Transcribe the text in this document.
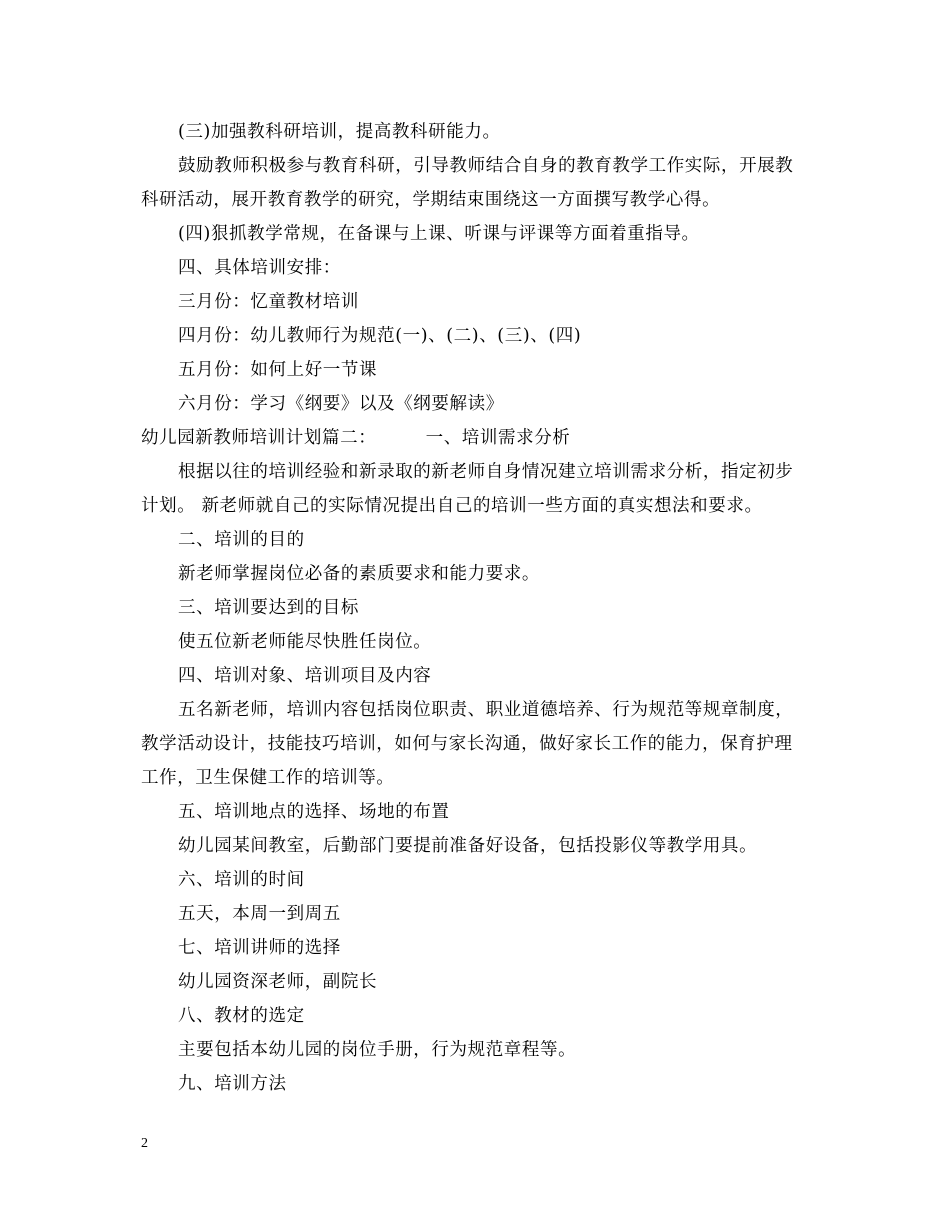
(三)加强教科研培训，提高教科研能力。
鼓励教师积极参与教育科研，引导教师结合自身的教育教学工作实际，开展教
科研活动，展开教育教学的研究，学期结束围绕这一方面撰写教学心得。
(四)狠抓教学常规，在备课与上课、听课与评课等方面着重指导。
四、具体培训安排：
三月份：忆童教材培训
四月份：幼儿教师行为规范(一)、(二)、(三)、(四)
五月份：如何上好一节课
六月份：学习《纲要》以及《纲要解读》
幼儿园新教师培训计划篇二：        一、培训需求分析
根据以往的培训经验和新录取的新老师自身情况建立培训需求分析，指定初步
计划。 新老师就自己的实际情况提出自己的培训一些方面的真实想法和要求。
二、培训的目的
新老师掌握岗位必备的素质要求和能力要求。
三、培训要达到的目标
使五位新老师能尽快胜任岗位。
四、培训对象、培训项目及内容
五名新老师，培训内容包括岗位职责、职业道德培养、行为规范等规章制度，
教学活动设计，技能技巧培训，如何与家长沟通，做好家长工作的能力，保育护理
工作，卫生保健工作的培训等。
五、培训地点的选择、场地的布置
幼儿园某间教室，后勤部门要提前准备好设备，包括投影仪等教学用具。
六、培训的时间
五天，本周一到周五
七、培训讲师的选择
幼儿园资深老师，副院长
八、教材的选定
主要包括本幼儿园的岗位手册，行为规范章程等。
九、培训方法
2
